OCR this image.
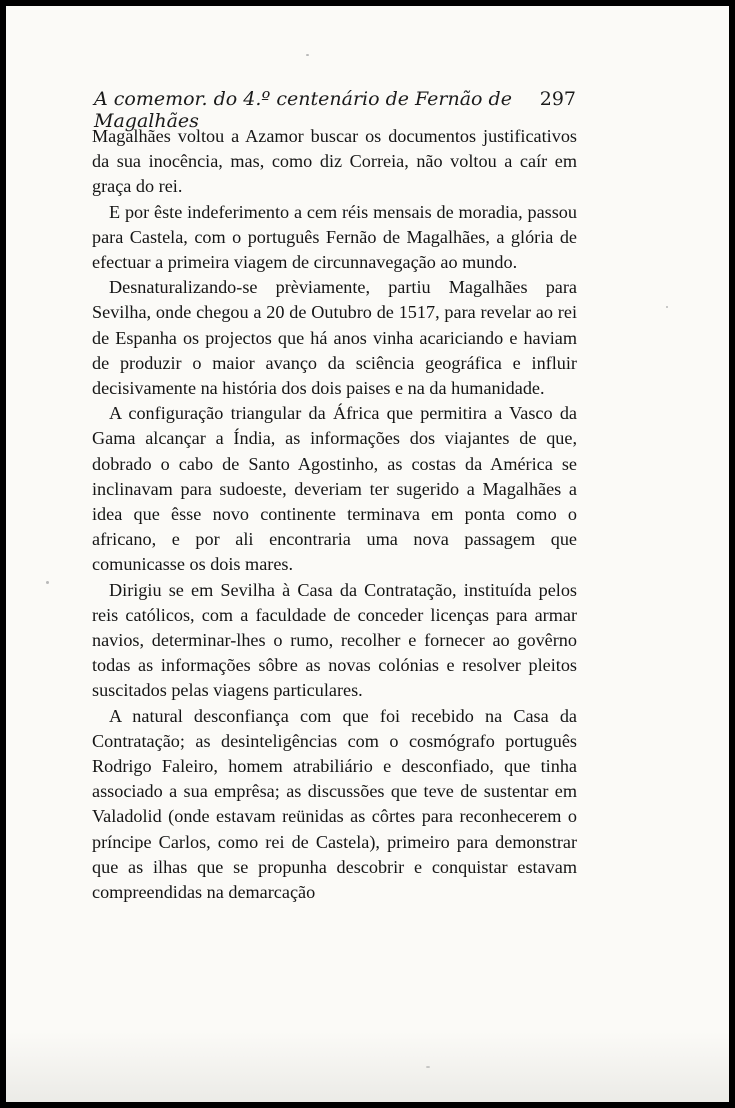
A comemor. do 4.º centenário de Fernão de Magalhães
297

Magalhães voltou a Azamor buscar os documentos justificativos da sua inocência, mas, como diz Correia, não voltou a caír em graça do rei.

E por êste indeferimento a cem réis mensais de moradia, passou para Castela, com o português Fernão de Magalhães, a glória de efectuar a primeira viagem de circunnavegação ao mundo.

Desnaturalizando-se prèviamente, partiu Magalhães para Sevilha, onde chegou a 20 de Outubro de 1517, para revelar ao rei de Espanha os projectos que há anos vinha acariciando e haviam de produzir o maior avanço da sciência geográfica e influir decisivamente na história dos dois paises e na da humanidade.

A configuração triangular da África que permitira a Vasco da Gama alcançar a Índia, as informações dos viajantes de que, dobrado o cabo de Santo Agostinho, as costas da América se inclinavam para sudoeste, deveriam ter sugerido a Magalhães a idea que êsse novo continente terminava em ponta como o africano, e por ali encontraria uma nova passagem que comunicasse os dois mares.

Dirigiu se em Sevilha à Casa da Contratação, instituída pelos reis católicos, com a faculdade de conceder licenças para armar navios, determinar-lhes o rumo, recolher e fornecer ao govêrno todas as informações sôbre as novas colónias e resolver pleitos suscitados pelas viagens particulares.

A natural desconfiança com que foi recebido na Casa da Contratação; as desinteligências com o cosmógrafo português Rodrigo Faleiro, homem atrabiliário e desconfiado, que tinha associado a sua emprêsa; as discussões que teve de sustentar em Valadolid (onde estavam reünidas as côrtes para reconhecerem o príncipe Carlos, como rei de Castela), primeiro para demonstrar que as ilhas que se propunha descobrir e conquistar estavam compreendidas na demarcação
